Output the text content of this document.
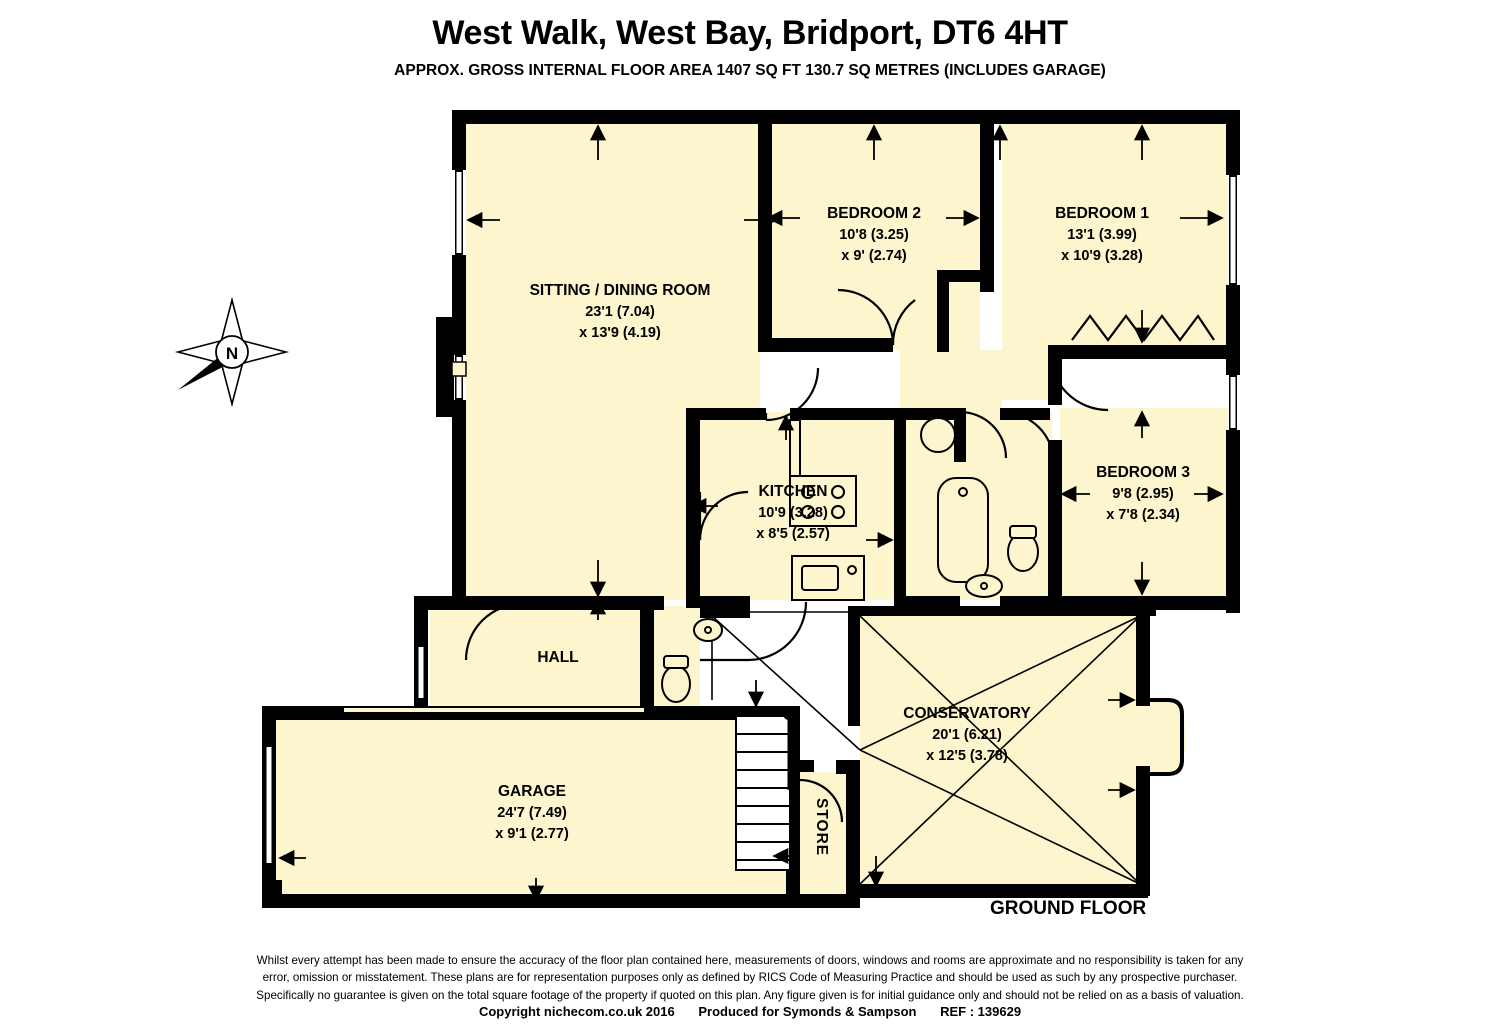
West Walk, West Bay, Bridport, DT6 4HT
APPROX. GROSS INTERNAL FLOOR AREA 1407 SQ FT 130.7 SQ METRES (INCLUDES GARAGE)
N
SITTING / DINING ROOM
23'1 (7.04)
x 13'9 (4.19)
BEDROOM 2
10'8 (3.25)
x 9' (2.74)
BEDROOM 1
13'1 (3.99)
x 10'9 (3.28)
BEDROOM 3
9'8 (2.95)
x 7'8 (2.34)
KITCHEN
10'9 (3.28)
x 8'5 (2.57)
CONSERVATORY
20'1 (6.21)
x 12'5 (3.78)
GARAGE
24'7 (7.49)
x 9'1 (2.77)
HALL
STORE
GROUND FLOOR
Whilst every attempt has been made to ensure the accuracy of the floor plan contained here, measurements of doors, windows and rooms are approximate and no responsibility is taken for any
error, omission or misstatement. These plans are for representation purposes only as defined by RICS Code of Measuring Practice and should be used as such by any prospective purchaser.
Specifically no guarantee is given on the total square footage of the property if quoted on this plan. Any figure given is for initial guidance only and should not be relied on as a basis of valuation.
Copyright nichecom.co.uk 2016 Produced for Symonds & Sampson REF : 139629
